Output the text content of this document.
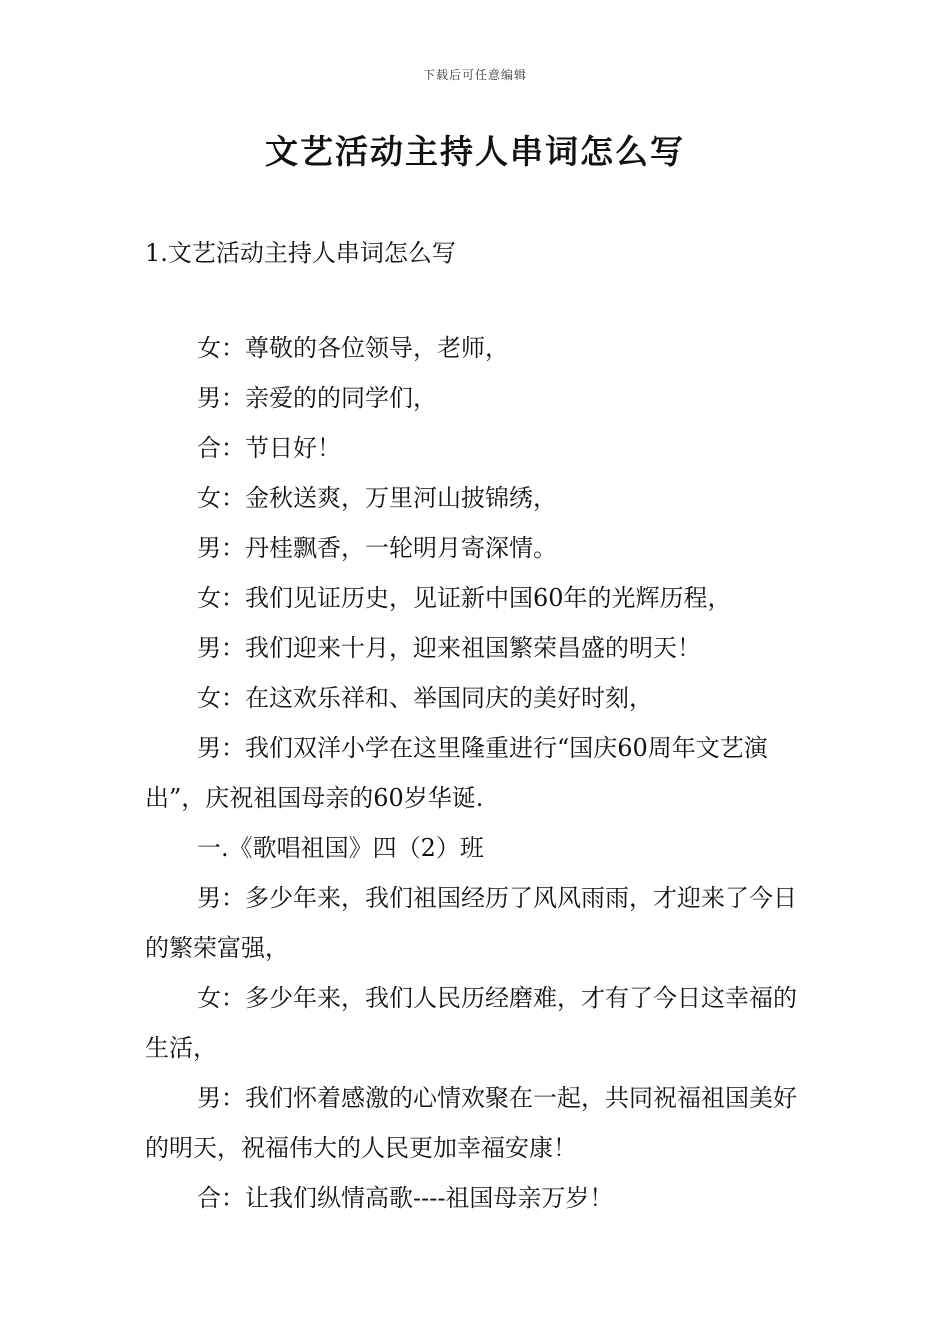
下载后可任意编辑
文艺活动主持人串词怎么写
1.文艺活动主持人串词怎么写

女：尊敬的各位领导，老师，

男：亲爱的的同学们，

合：节日好！

女：金秋送爽，万里河山披锦绣，

男：丹桂飘香，一轮明月寄深情。

女：我们见证历史，见证新中国60年的光辉历程，

男：我们迎来十月，迎来祖国繁荣昌盛的明天！

女：在这欢乐祥和、举国同庆的美好时刻，

男：我们双洋小学在这里隆重进行“国庆60周年文艺演出”，庆祝祖国母亲的60岁华诞.

一.《歌唱祖国》四（2）班

男：多少年来，我们祖国经历了风风雨雨，才迎来了今日的繁荣富强，

女：多少年来，我们人民历经磨难，才有了今日这幸福的生活，

男：我们怀着感激的心情欢聚在一起，共同祝福祖国美好的明天，祝福伟大的人民更加幸福安康！

合：让我们纵情高歌----祖国母亲万岁！
